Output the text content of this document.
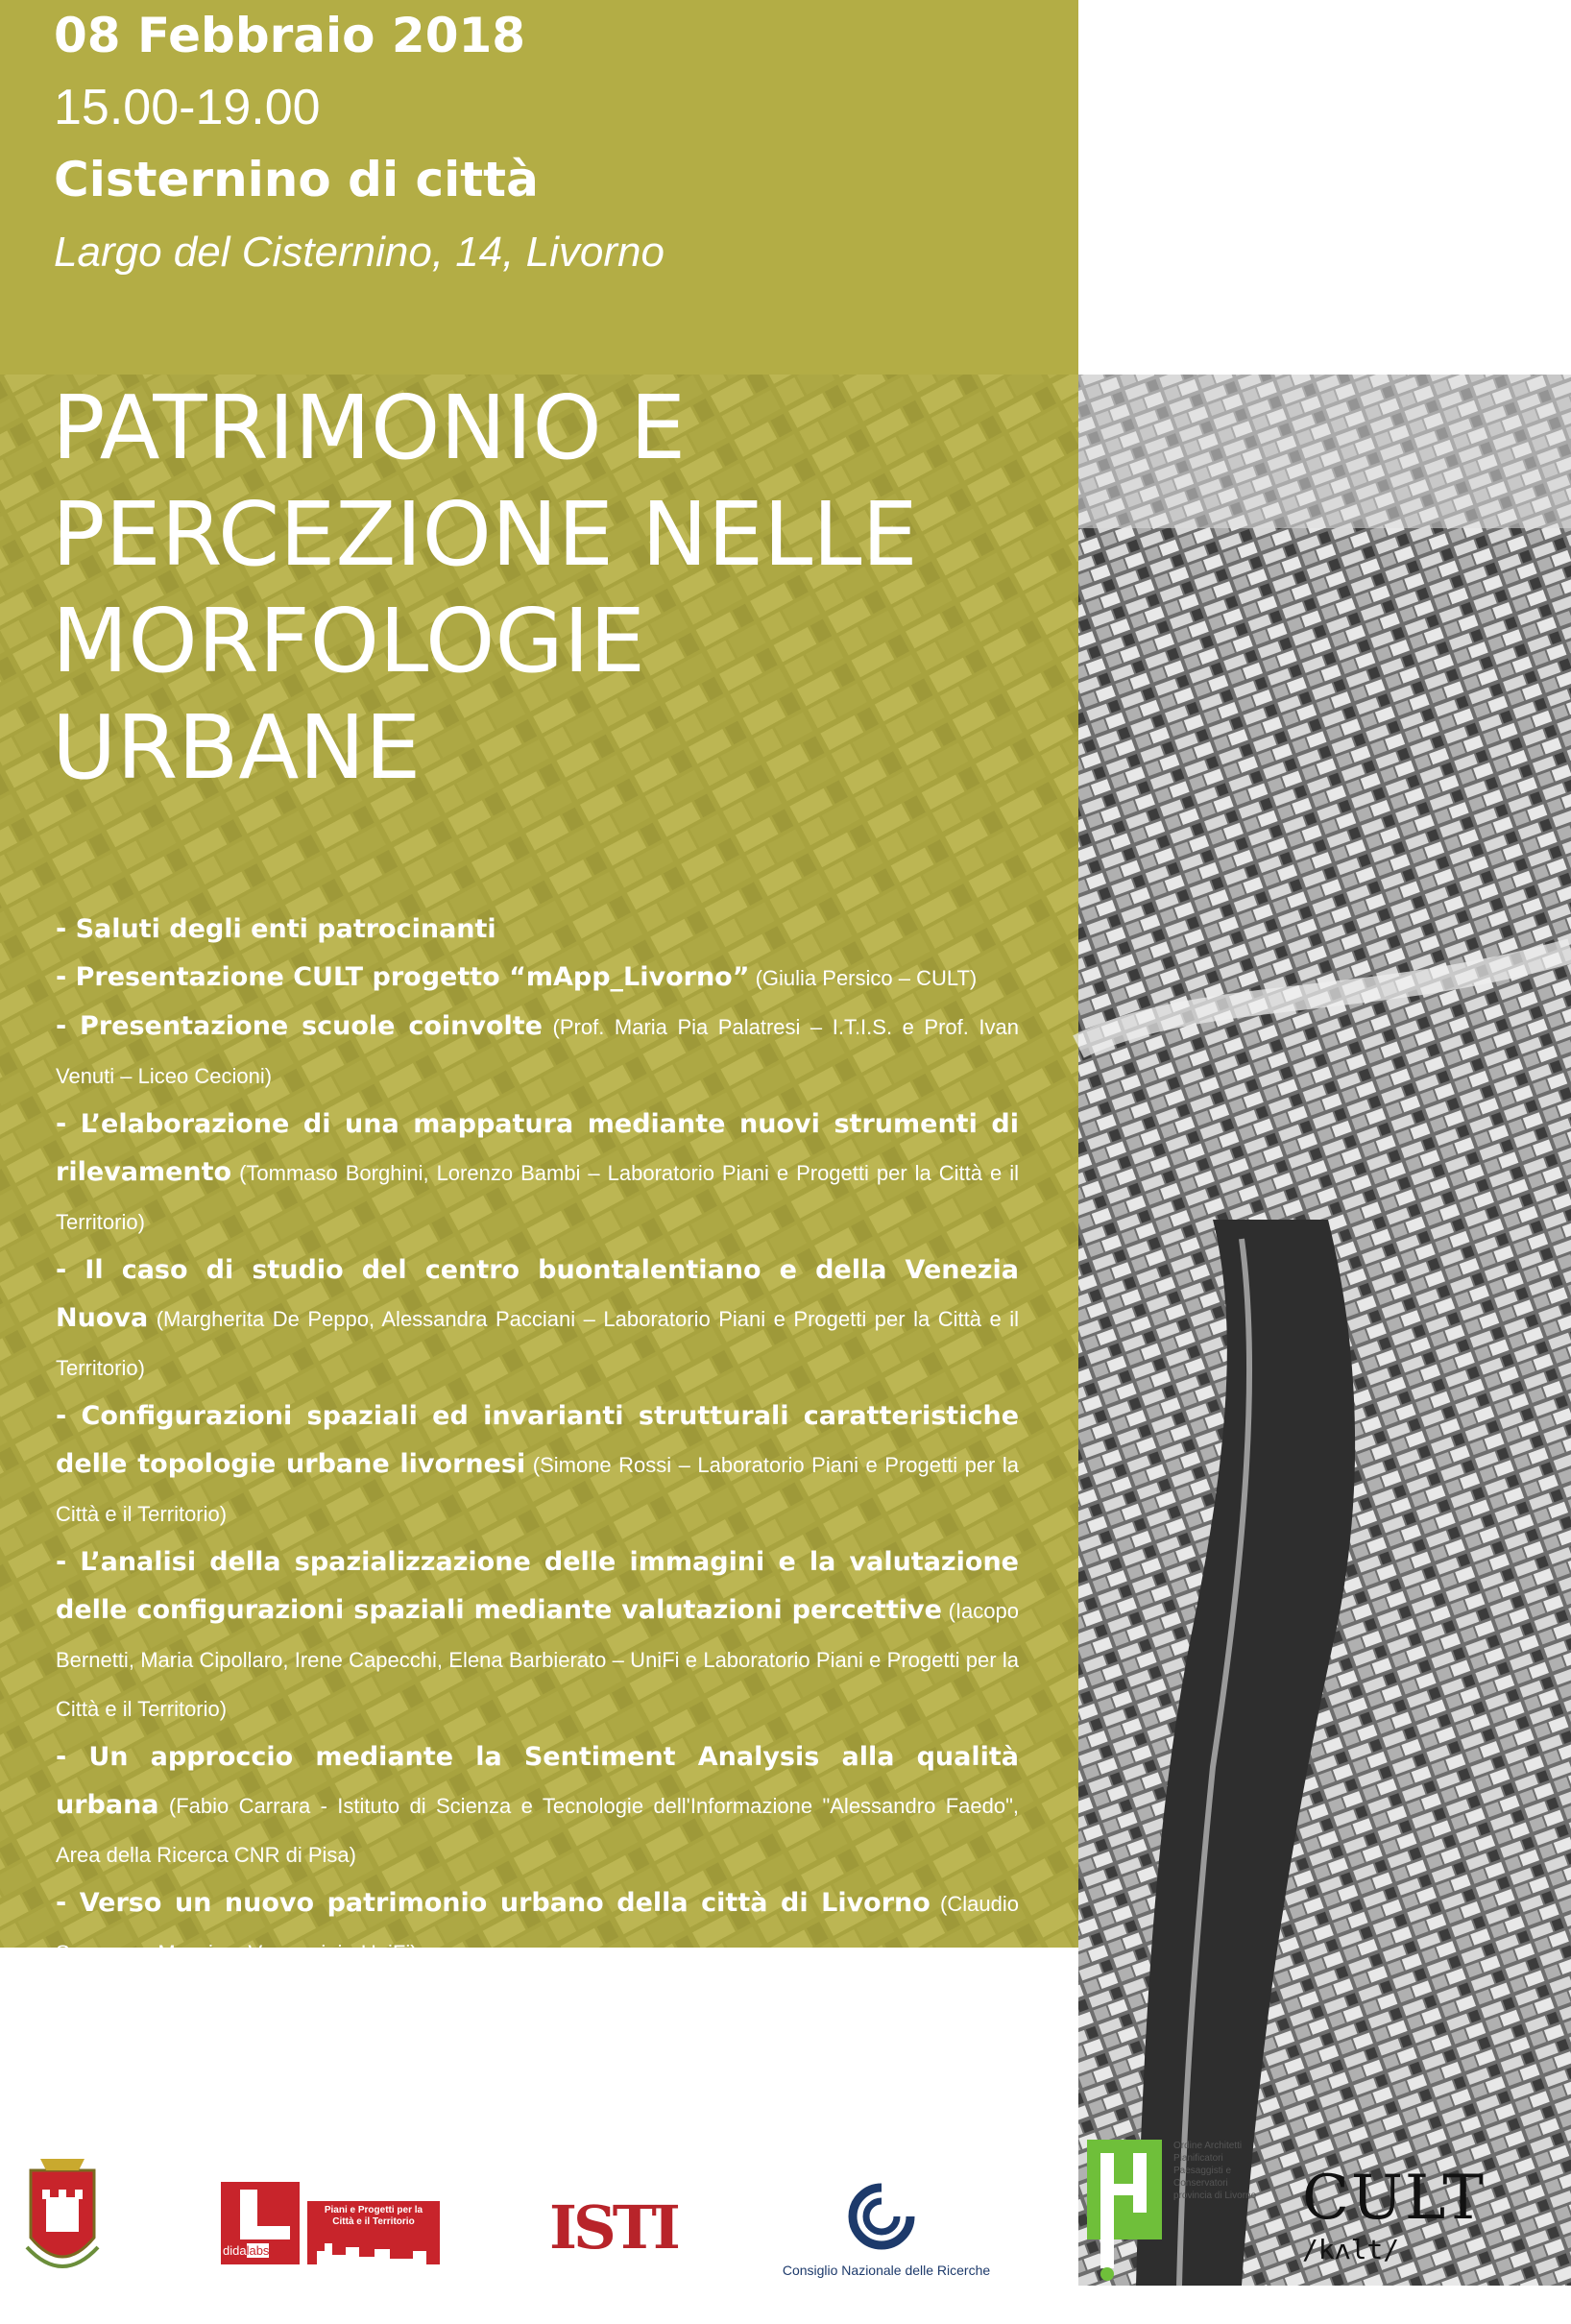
08 Febbraio 2018
15.00-19.00
Cisternino di città
Largo del Cisternino, 14, Livorno
PATRIMONIO E
PERCEZIONE NELLE
MORFOLOGIE
URBANE
- Saluti degli enti patrocinanti
- Presentazione CULT progetto “mApp_Livorno” (Giulia Persico – CULT)
- Presentazione scuole coinvolte (Prof. Maria Pia Palatresi – I.T.I.S. e Prof. Ivan Venuti – Liceo Cecioni)
- L’elaborazione di una mappatura mediante nuovi strumenti di rilevamento (Tommaso Borghini, Lorenzo Bambi – Laboratorio Piani e Progetti per la Città e il Territorio)
- Il caso di studio del centro buontalentiano e della Venezia Nuova (Margherita De Peppo, Alessandra Pacciani – Laboratorio Piani e Progetti per la Città e il Territorio)
- Configurazioni spaziali ed invarianti strutturali caratteristiche delle topologie urbane livornesi (Simone Rossi – Laboratorio Piani e Progetti per la Città e il Territorio)
- L’analisi della spazializzazione delle immagini e la valutazione delle configurazioni spaziali mediante valutazioni percettive (Iacopo Bernetti, Maria Cipollaro, Irene Capecchi, Elena Barbierato – UniFi e Laboratorio Piani e Progetti per la Città e il Territorio)
- Un approccio mediante la Sentiment Analysis alla qualità urbana (Fabio Carrara - Istituto di Scienza e Tecnologie dell'Informazione "Alessandro Faedo", Area della Ricerca CNR di Pisa)
- Verso un nuovo patrimonio urbano della città di Livorno (Claudio Saragosa, Massimo Vergamini - UniFi).
- Dibattito finale
didalabs
Piani e Progetti per la Città e il Territorio	ISTI
Consiglio Nazionale delle Ricerche
Ordine Architetti Pianificatori Paesaggisti e Conservatori provincia di Livorno CULT /kʌlt/
